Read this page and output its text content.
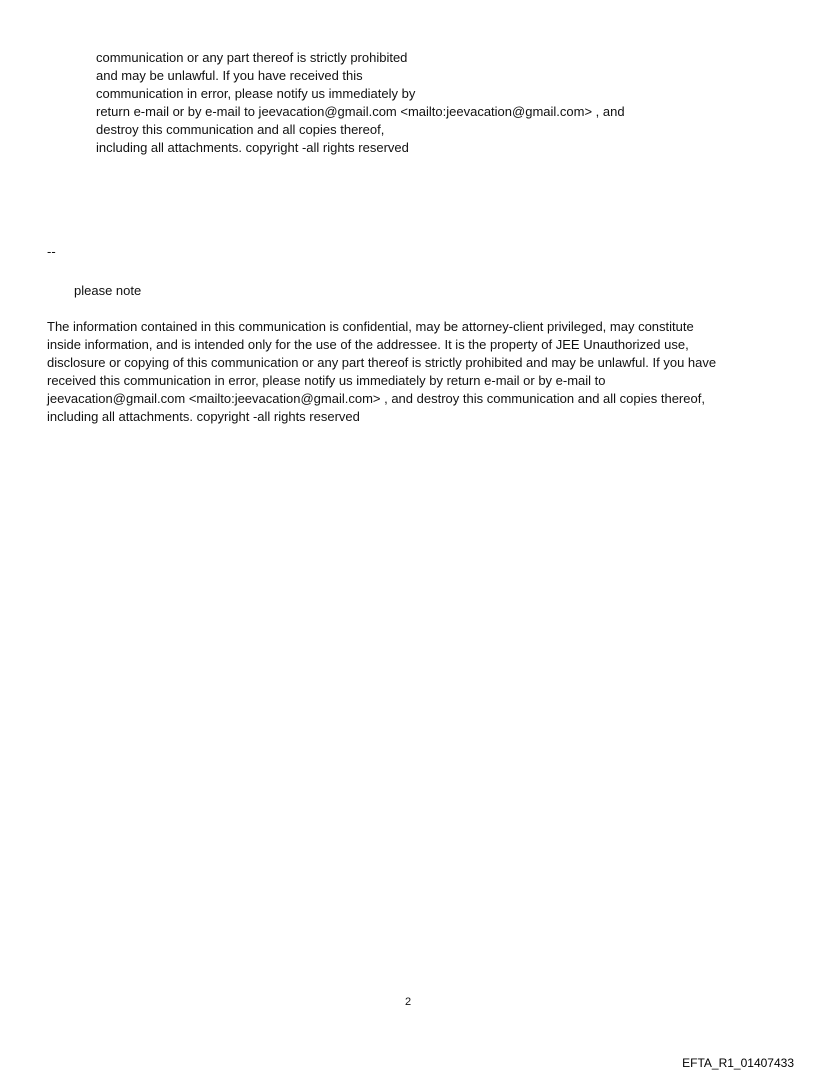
communication or any part thereof is strictly prohibited
and may be unlawful. If you have received this
communication in error, please notify us immediately by
return e-mail or by e-mail to jeevacation@gmail.com <mailto:jeevacation@gmail.com> , and
destroy this communication and all copies thereof,
including all attachments. copyright -all rights reserved
--
please note
The information contained in this communication is confidential, may be attorney-client privileged, may constitute
inside information, and is intended only for the use of the addressee. It is the property of JEE Unauthorized use,
disclosure or copying of this communication or any part thereof is strictly prohibited and may be unlawful. If you have
received this communication in error, please notify us immediately by return e-mail or by e-mail to
jeevacation@gmail.com <mailto:jeevacation@gmail.com> , and destroy this communication and all copies thereof,
including all attachments. copyright -all rights reserved
2
EFTA_R1_01407433
